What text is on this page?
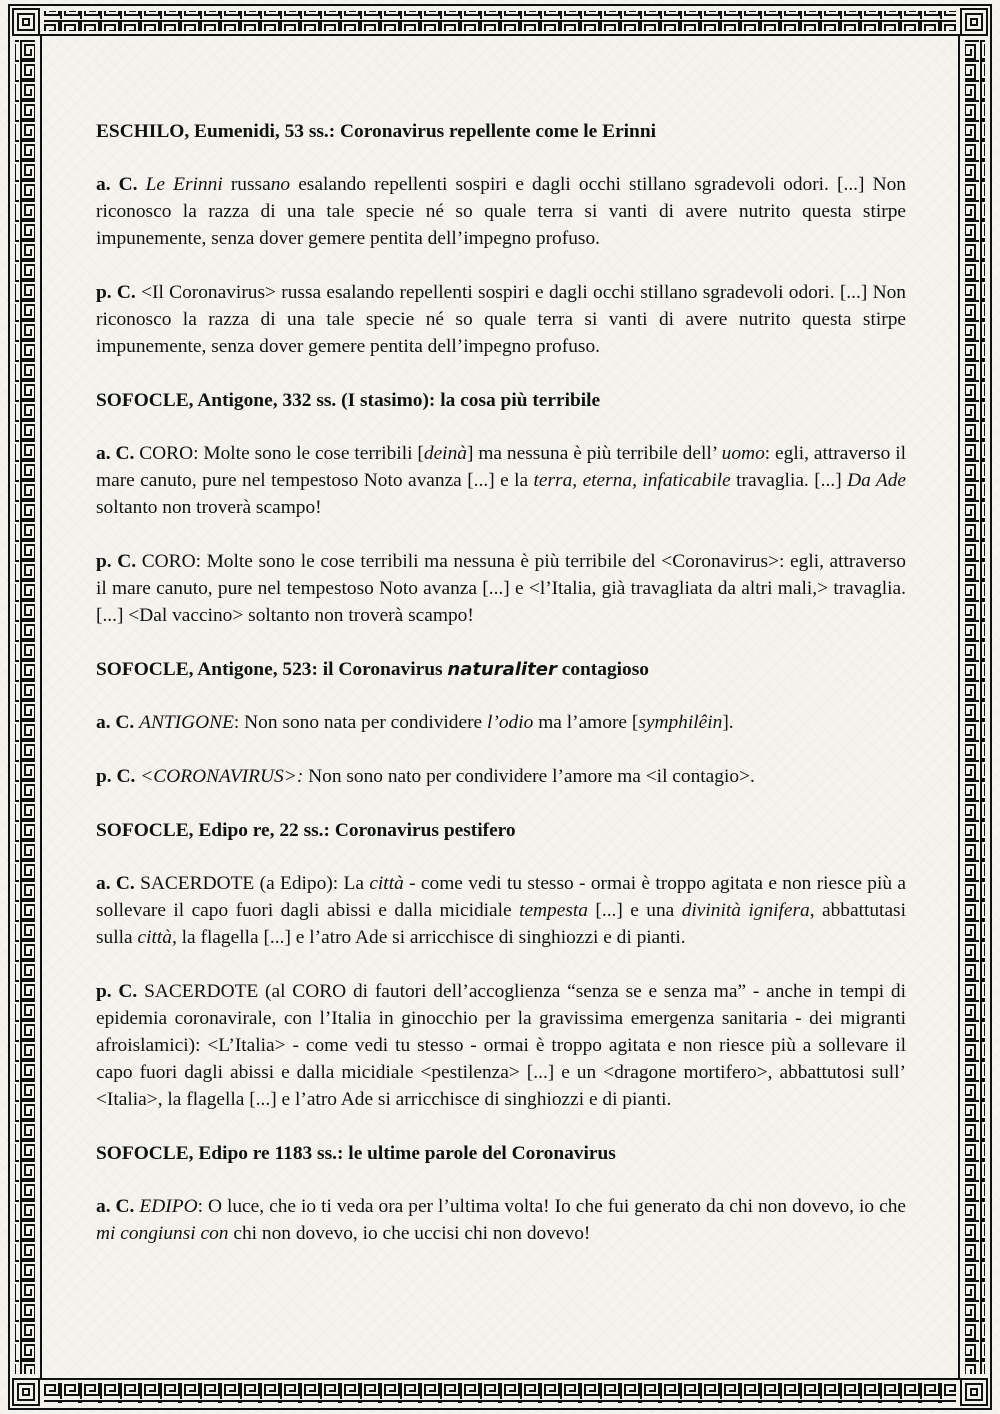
ESCHILO, Eumenidi, 53 ss.: Coronavirus repellente come le Erinni

a. C. Le Erinni russano esalando repellenti sospiri e dagli occhi stillano sgradevoli odori. [...] Non riconosco la razza di una tale specie né so quale terra si vanti di avere nutrito questa stirpe impunemente, senza dover gemere pentita dell’impegno profuso.

p. C. <Il Coronavirus> russa esalando repellenti sospiri e dagli occhi stillano sgradevoli odori. [...] Non riconosco la razza di una tale specie né so quale terra si vanti di avere nutrito questa stirpe impunemente, senza dover gemere pentita dell’impegno profuso.

SOFOCLE, Antigone, 332 ss. (I stasimo): la cosa più terribile

a. C. CORO: Molte sono le cose terribili [deinà] ma nessuna è più terribile dell’ uomo: egli, attraverso il mare canuto, pure nel tempestoso Noto avanza [...] e la terra, eterna, infaticabile travaglia. [...] Da Ade soltanto non troverà scampo!

p. C. CORO: Molte sono le cose terribili ma nessuna è più terribile del <Coronavirus>: egli, attraverso il mare canuto, pure nel tempestoso Noto avanza [...] e <l’Italia, già travagliata da altri mali,> travaglia. [...] <Dal vaccino> soltanto non troverà scampo!

SOFOCLE, Antigone, 523: il Coronavirus naturaliter contagioso

a. C. ANTIGONE: Non sono nata per condividere l’odio ma l’amore [symphilêin].

p. C. <CORONAVIRUS>: Non sono nato per condividere l’amore ma <il contagio>.

SOFOCLE, Edipo re, 22 ss.: Coronavirus pestifero

a. C. SACERDOTE (a Edipo): La città - come vedi tu stesso - ormai è troppo agitata e non riesce più a sollevare il capo fuori dagli abissi e dalla micidiale tempesta [...] e una divinità ignifera, abbattutasi sulla città, la flagella [...] e l’atro Ade si arricchisce di singhiozzi e di pianti.

p. C. SACERDOTE (al CORO di fautori dell’accoglienza “senza se e senza ma” - anche in tempi di epidemia coronavirale, con l’Italia in ginocchio per la gravissima emergenza sanitaria - dei migranti afroislamici): <L’Italia> - come vedi tu stesso - ormai è troppo agitata e non riesce più a sollevare il capo fuori dagli abissi e dalla micidiale <pestilenza> [...] e un <dragone mortifero>, abbattutosi sull’ <Italia>, la flagella [...] e l’atro Ade si arricchisce di singhiozzi e di pianti.

SOFOCLE, Edipo re 1183 ss.: le ultime parole del Coronavirus

a. C. EDIPO: O luce, che io ti veda ora per l’ultima volta! Io che fui generato da chi non dovevo, io che mi congiunsi con chi non dovevo, io che uccisi chi non dovevo!
